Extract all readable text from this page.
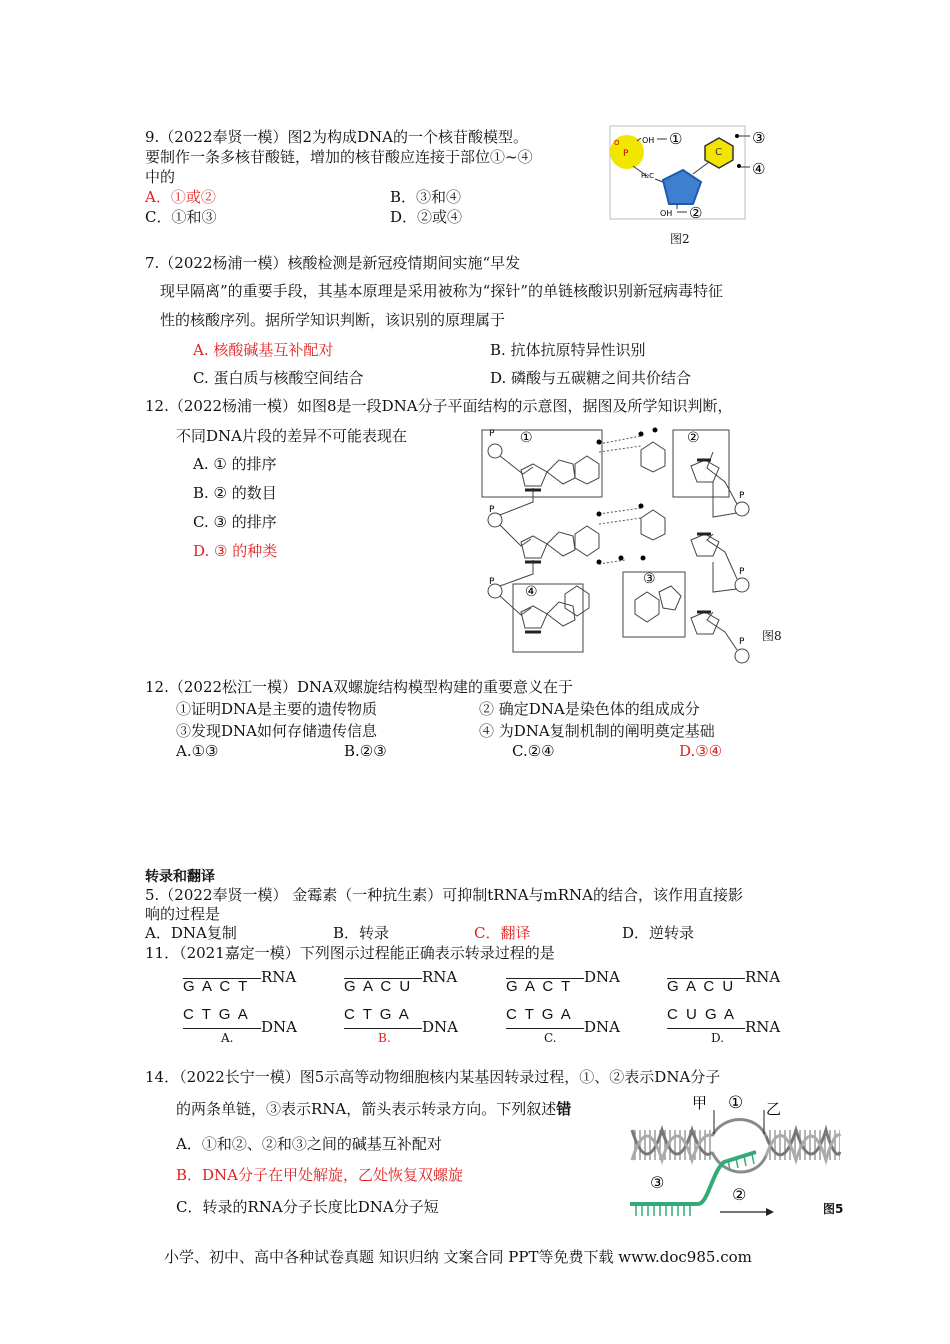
9.（2022奉贤一模）图2为构成DNA的一个核苷酸模型。
要制作一条多核苷酸链，增加的核苷酸应连接于部位①~④
中的
A．①或②	B．③和④
C．①和③	D．②或④
P
O	OH ①
H₂C
C
③
④
OH ②
图2
7.（2022杨浦一模）核酸检测是新冠疫情期间实施“早发
现早隔离”的重要手段，其基本原理是采用被称为“探针”的单链核酸识别新冠病毒特征
性的核酸序列。据所学知识判断，该识别的原理属于
A. 核酸碱基互补配对	B. 抗体抗原特异性识别
C. 蛋白质与核酸空间结合	D. 磷酸与五碳糖之间共价结合
12.（2022杨浦一模）如图8是一段DNA分子平面结构的示意图，据图及所学知识判断，
不同DNA片段的差异不可能表现在
A. ① 的排序
B. ② 的数目
C. ③ 的排序
D. ③ 的种类
P
P
P
P
P
P
①	②
③
④
图8
12.（2022松江一模）DNA双螺旋结构模型构建的重要意义在于
①证明DNA是主要的遗传物质	② 确定DNA是染色体的组成成分
③发现DNA如何存储遗传信息	④ 为DNA复制机制的阐明奠定基础
A.①③	B.②③	C.②④	D.③④
转录和翻译
5.（2022奉贤一模） 金霉素（一种抗生素）可抑制tRNA与mRNA的结合，该作用直接影
响的过程是
A．DNA复制	B．转录	C．翻译	D．逆转录
11．（2021嘉定一模）下列图示过程能正确表示转录过程的是
G A C T
RNA
C T G A
DNA
A.
G A C U
RNA
C T G A
DNA
B.
G A C T
DNA
C T G A
DNA
C.
G A C U
RNA
C U G A
RNA
D.
14．（2022长宁一模）图5示高等动物细胞核内某基因转录过程，①、②表示DNA分子
的两条单链，③表示RNA，箭头表示转录方向。下列叙述错
A．①和②、②和③之间的碱基互补配对
B．DNA分子在甲处解旋，乙处恢复双螺旋
C．转录的RNA分子长度比DNA分子短
甲 ① 乙
③
②
图5
小学、初中、高中各种试卷真题 知识归纳 文案合同 PPT等免费下载 www.doc985.com
